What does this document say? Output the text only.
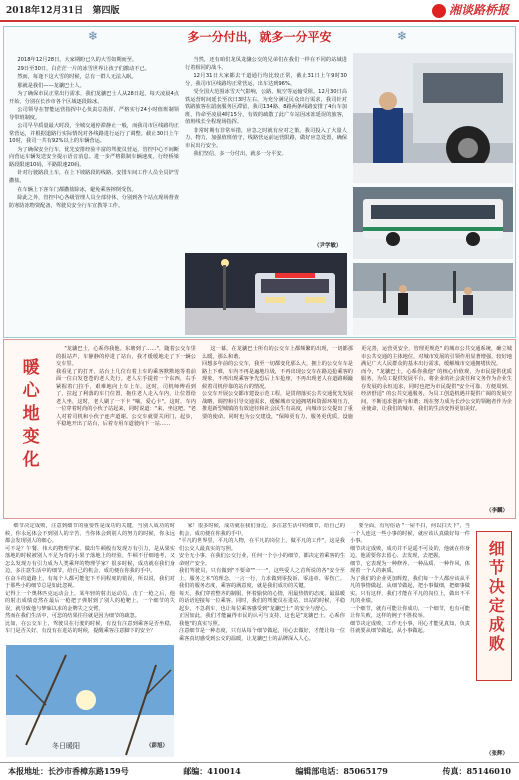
2018年12月31日 第四版	湘谈路桥报
❄	❄
多一分付出，就多一分平安

2018年12月28日，大家期盼已久的大雪如期而至。

29日至30日，白茫茫一片的冰雪世界让孩子们激动不已。

然而，每逢下这大雪的时候，总有一群人无法入眠。

那就是我们——龙骧巴士人。

为了确保市民正常出行需求，我们龙骧巴士人从28日起，每天凌晨4点开始，分别在长沙市各个区域逐段除冰。

公司领导在智能运营指挥中心负责总指挥，严格实行24小时值班制领导带班制度。

公司早早质量最大时段，全城交通停滞静止一般，而我司市区线路均正常营运，并根据道路行实际情况对各线路进行运行了调整。截止30日上午10时，我司一共有92%以上的车辆营运。

为了确保安全行车，优先安排经验丰富的驾驶员营运，管控中心不间断向营运车辆发送安全提示语音消息。进一步严格限制车辆速度，行经桥梁路段限速10码，平路限速20码。

针对行驶路段上车，在上下坡路段的线路，安排车间工作人员全员铲雪撒盐。

在车辆上下客车门都撒盐除冰，避免乘客摔倒受伤。

除此之外，管控中心各级管理人员全部待休，分别到各个站点现场督查防寒防冻物资配备，驾驶员安全行车宣教等工作。

当然，还有咱们龙凤龙骧公交的兄弟们在我们一样在不同的站域进行着相同的战斗。

12月31日大家都去干道通行均比较正常，截止31日上午9时30分，我司市区线路均正常营运，出车达到96%。

受全国大范围冰雪天气影响，公路、航空等运输受阻。12月30日高铁运营时间延长至次日3时左右，为充分满足民众出行需求，我司针对铁路旅客在韶南服务区滞留，我司134路、8路两条线路安排了4台车加班，待命至凌晨4时15分，有效的疏散了此广车站因冰冻延误的旅客，值班线长全程现场指挥。

非常时期有非常举措，应急之时就有应对之策。我司投入了大量人力、物力，加强值班值守，线路营运前运营限路，做好应急处置，确保市民出行安全。

我们坚信，多一分付出，就多一分平安。

（尹学敏）
暖心地变化
"龙骧巴士，心系你我他。东塘到了……"，随着公交车里的报站声，车静静的停进了站台，我才缓缓地走了下一辆公交车里。
我看见了的打开，站台上几位有着上车的乘客默默地等着前面一位白发苍苍的老人先行。老人左手提着一个东西，右手紧握着门拉手，艰难地向上车上车。这时，司机师傅看到了，拉起了利落的车门位置，拖住老人走入车内，让位置给老人坐，这时，老人刷了一下卡 "嘀，爱心卡"。这时，车内一位穿着时尚的小伙子站起来，同时说道："来，坐这吧。"老人对着司机和小伙子连声道谢。公交车就要关闭门，起步，平稳地开出了站台，后着专用车道驶向下一站……
这一幕，在龙骧巴士所有的公交车上都频繁的出现，一切都那么暖，那么和谐。
回想多年前的公交车，我至一切都变化那么大，拥上的公交车车是路上下难，车内不再是遍地垃圾，不再出现公交车在路边抢乘客的现象，不再出现乘客争先恐后上车抢座，不再出现老人在道路颠簸候着司机停靠的站台的情况。
公交车开展公交都市建设示范工程，是贯彻落实公共交通优先发展战略，调控和引导交通需求，缓解城市交通拥堵和资源环境压力，推进新型城镇的有效途径和社会民生有高度，向城市公交提出了重要的使命。同时也为公交建设，"保障更有力，服务更优质，设施更完善，运营更安全，管理更规范" 的城市公共交通系统，确立城市公共交通的主体地位，对城市发展的引领作用显著增强，较好地满足广大人民群众的基本出行需求，缓解城市交通拥堵状况。
而今，"龙骧巴士，心系你我他" 的核心价值观，为市民提供优质服务，为员工提供发展平台，将企业的社会责任和文务作为企业生存发展的永恒追求，同时也把为市民提供"安全可靠、方便周到、经济舒适" 的公共交通服务，为员工创造机遇并提供广阔的发展空间，不断追求创新与和谐；现在努力成为长沙公交的领跑者作为企业使命，让我们的城市，我们的生活变得更加美好。
（李麟）
细节决定成败，注意到细节的重要性是成功的关键，当别人成功的时候，你永远体会不到别人的辛苦，当你体会到别人的努力的时候，你永远都会发现别人的细心。
可不是？午餐、伟大的物理学家、做出牛顿般有发现万有引力，是从果实落地的时候被别人不足为奇的小果子落地上的经验，牛顿不仔细地考，又怎么发现万有引力成为人类乘拜的物理学家？很多时候，成功就在我们身边，多注意生活中的细节，给自己的机会，成功便在你我的手中。
在奋斗的道路上，有每个人都可能犯下不同程度的错误，所以说，我们对于那些小的细节总是如此忽视。
记得上一个奥林匹克运动会上，某年轻的射击运动员，击了一枪之后，他的射击成绩竟然在最后一枪把子弹射到了别人的枪靶上，一个细节的失误，就导致他与梦寐以求的金牌失之交臂。
然而在我们生活中，可悲的结果往往就是因为细节的疏忽。
比如，在公交车上，驾驶员在行驶的时候，有没有注意到乘客是否坐稳，车门是否关好，有没有在进站的时候，提醒乘客注意脚下的安全？
冬日暖阳	（彭旭）
家！很多时候，成功就在我们身边，多注意生活中的细节，给自己的机会，成功便在你我的手中。
"平凡的世界里，平凡的人物，在平凡的岗位上，做平凡的工作"，这是我们公交人最真实的写照。
安全无小事，在我们公交行业，任何一个小小的细节，都决定着乘客的生命财产安全。
我们驾驶员，只有做到"不要命""一一"，这些爱人之首所说的各"安全至上，服务之本"的理念，一言一行，力求做到零投诉、零违章、零伤亡。我们的服务态度，乘客的满意度，就是我们成功的关键。
每天，我们穿着整齐的制服，怀着愉快的心情，用最热情的态度、最温暖的话语迎接每一位乘客。同时，我们的驾驶员在进站、出站的时候，平稳起步，不急刹车，也让每位乘客感受到"龙骧巴士" 的安全与舒心。
正因如此，我们才能赢得市民的认可与支持，这也是"龙骧巴士，心系你我他"的真实写照。
注意细节是一种态度，只有从每个细节做起，用心去做好，才能让每一位乘客真切感受到公交的温暖，让龙骧巴士的品牌深入人心。
要全面，有句俗话 "一屋不扫，何以扫天下"，当一个人连这一些小事的时候，就应该认真做好每一件小事。
细节决定成败，成功并不是遥不可及的，他就在你身边。他需要你去留心、去发现，去把握。
细节，它表现为一种修养、一种品质、一种作风，体现着一个人的素质。
为了我们的企业更加辉煌，我们每一个人都应该从平凡的事情做起，从细节做起，把小事做细，把细事做实。只有这样，我们才能在平凡的岗位上，做出不平凡的业绩。
一个细节，就有可能让你成功，一个细节，也有可能让你失败，这样的例子不胜枚举。
细节决定成败，工作无小事，用心才能见真知，负责任就要从细节做起，从小事做起。	细节决定成败
（张辉）
本报地址：长沙市香樟东路159号	邮编：410014	编辑部电话：85065179	传真：85146010
